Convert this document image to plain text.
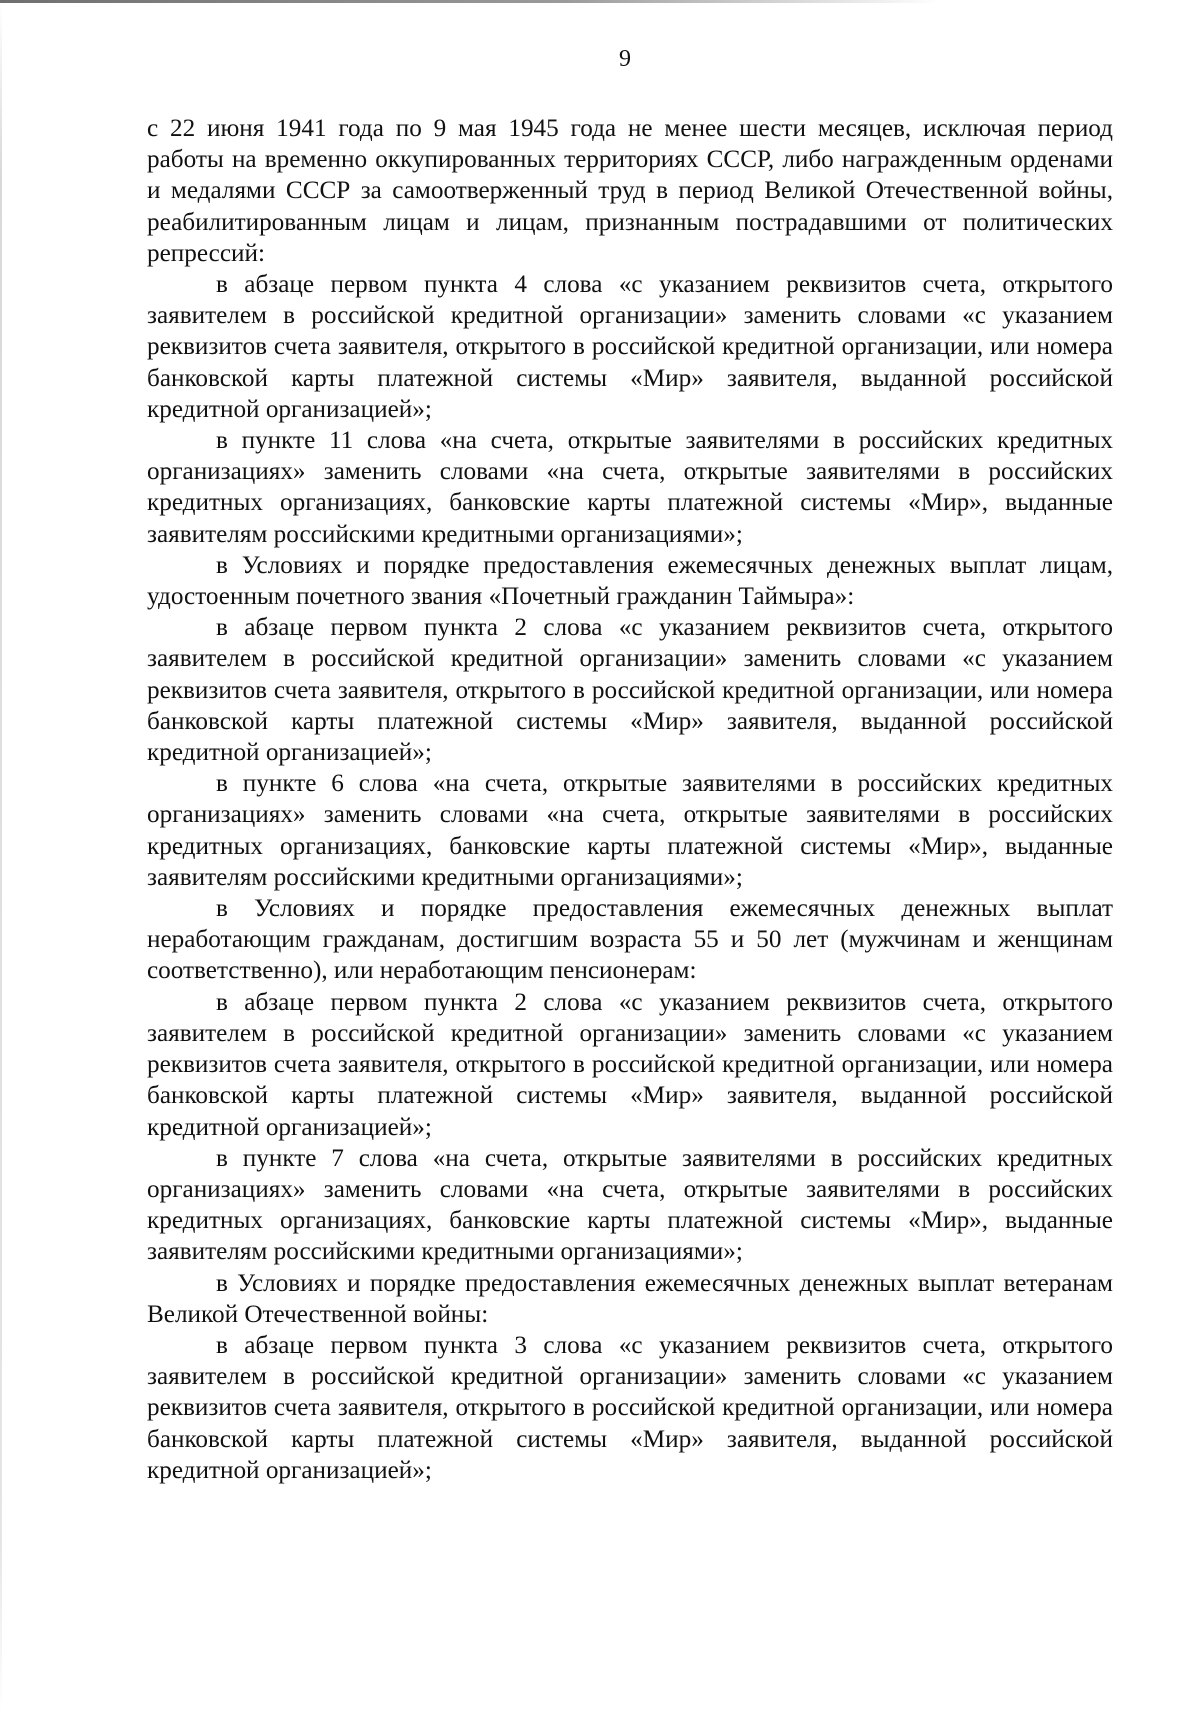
9

с 22 июня 1941 года по 9 мая 1945 года не менее шести месяцев, исключая период работы на временно оккупированных территориях СССР, либо награжденным орденами и медалями СССР за самоотверженный труд в период Великой Отечественной войны, реабилитированным лицам и лицам, признанным пострадавшими от политических репрессий:

в абзаце первом пункта 4 слова «с указанием реквизитов счета, открытого заявителем в российской кредитной организации» заменить словами «с указанием реквизитов счета заявителя, открытого в российской кредитной организации, или номера банковской карты платежной системы «Мир» заявителя, выданной российской кредитной организацией»;

в пункте 11 слова «на счета, открытые заявителями в российских кредитных организациях» заменить словами «на счета, открытые заявителями в российских кредитных организациях, банковские карты платежной системы «Мир», выданные заявителям российскими кредитными организациями»;

в Условиях и порядке предоставления ежемесячных денежных выплат лицам, удостоенным почетного звания «Почетный гражданин Таймыра»:

в абзаце первом пункта 2 слова «с указанием реквизитов счета, открытого заявителем в российской кредитной организации» заменить словами «с указанием реквизитов счета заявителя, открытого в российской кредитной организации, или номера банковской карты платежной системы «Мир» заявителя, выданной российской кредитной организацией»;

в пункте 6 слова «на счета, открытые заявителями в российских кредитных организациях» заменить словами «на счета, открытые заявителями в российских кредитных организациях, банковские карты платежной системы «Мир», выданные заявителям российскими кредитными организациями»;

в Условиях и порядке предоставления ежемесячных денежных выплат неработающим гражданам, достигшим возраста 55 и 50 лет (мужчинам и женщинам соответственно), или неработающим пенсионерам:

в абзаце первом пункта 2 слова «с указанием реквизитов счета, открытого заявителем в российской кредитной организации» заменить словами «с указанием реквизитов счета заявителя, открытого в российской кредитной организации, или номера банковской карты платежной системы «Мир» заявителя, выданной российской кредитной организацией»;

в пункте 7 слова «на счета, открытые заявителями в российских кредитных организациях» заменить словами «на счета, открытые заявителями в российских кредитных организациях, банковские карты платежной системы «Мир», выданные заявителям российскими кредитными организациями»;

в Условиях и порядке предоставления ежемесячных денежных выплат ветеранам Великой Отечественной войны:

в абзаце первом пункта 3 слова «с указанием реквизитов счета, открытого заявителем в российской кредитной организации» заменить словами «с указанием реквизитов счета заявителя, открытого в российской кредитной организации, или номера банковской карты платежной системы «Мир» заявителя, выданной российской кредитной организацией»;
